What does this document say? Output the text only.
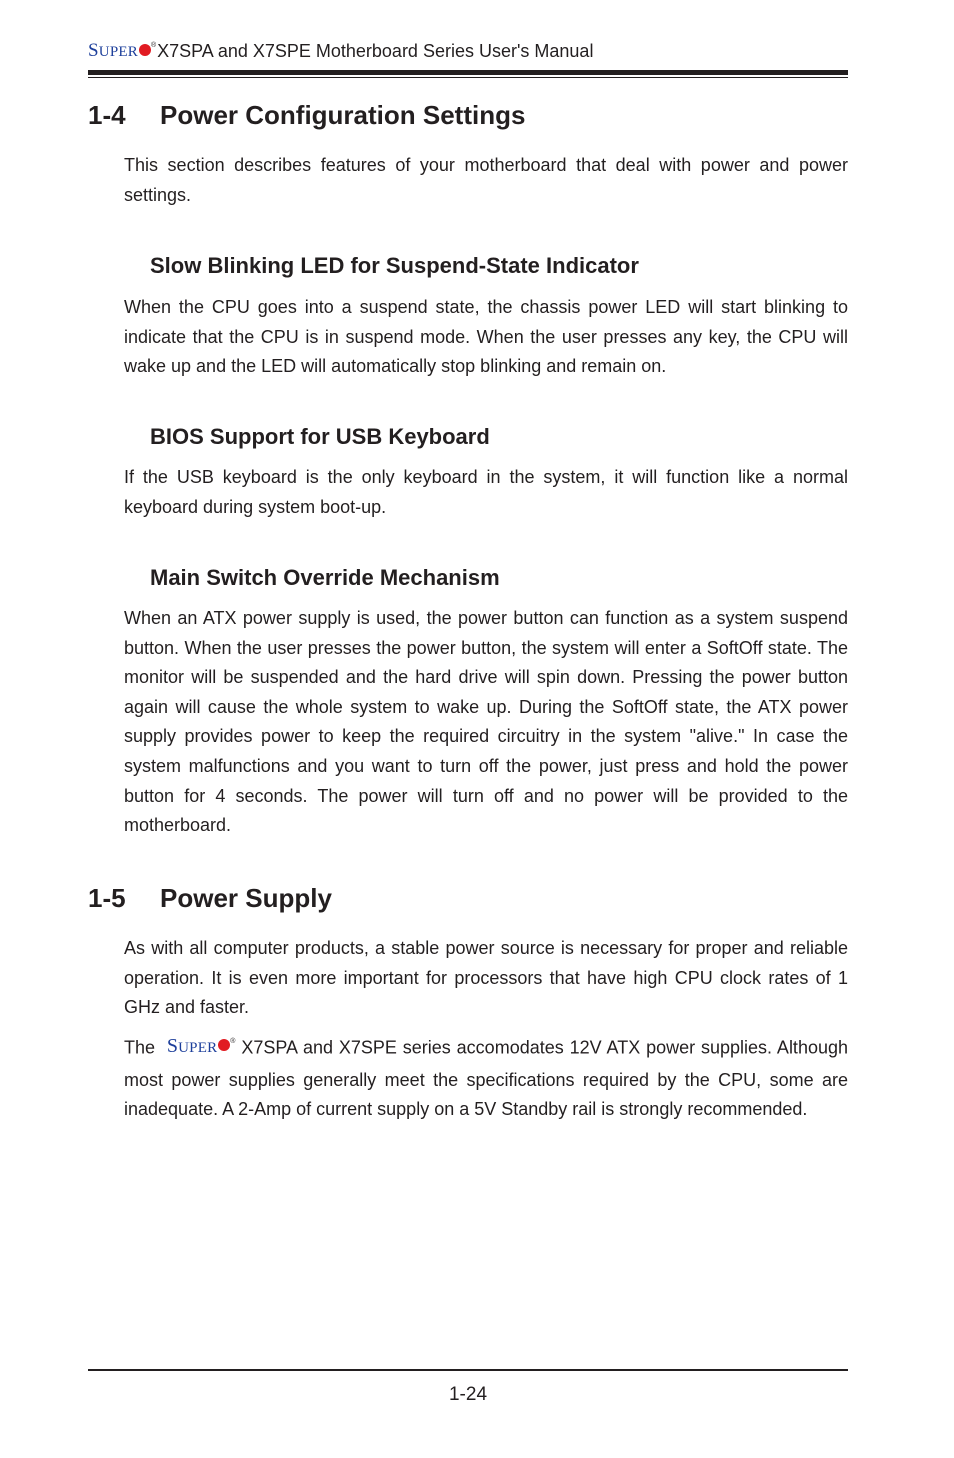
SUPER ®X7SPA and X7SPE Motherboard Series User's Manual
1-4 Power Configuration Settings

This section describes features of your motherboard that deal with power and power settings.

Slow Blinking LED for Suspend-State Indicator

When the CPU goes into a suspend state, the chassis power LED will start blinking to indicate that the CPU is in suspend mode. When the user presses any key, the CPU will wake up and the LED will automatically stop blinking and remain on.

BIOS Support for USB Keyboard

If the USB keyboard is the only keyboard in the system, it will function like a normal keyboard during system boot-up.

Main Switch Override Mechanism

When an ATX power supply is used, the power button can function as a system suspend button. When the user presses the power button, the system will enter a SoftOff state. The monitor will be suspended and the hard drive will spin down. Pressing the power button again will cause the whole system to wake up. During the SoftOff state, the ATX power supply provides power to keep the required circuitry in the system "alive." In case the system malfunctions and you want to turn off the power, just press and hold the power button for 4 seconds. The power will turn off and no power will be provided to the motherboard.

1-5 Power Supply

As with all computer products, a stable power source is necessary for proper and reliable operation. It is even more important for processors that have high CPU clock rates of 1 GHz and faster.

The SUPER ® X7SPA and X7SPE series accomodates 12V ATX power supplies. Although most power supplies generally meet the specifications required by the CPU, some are inadequate. A 2-Amp of current supply on a 5V Standby rail is strongly recommended.

1-24
